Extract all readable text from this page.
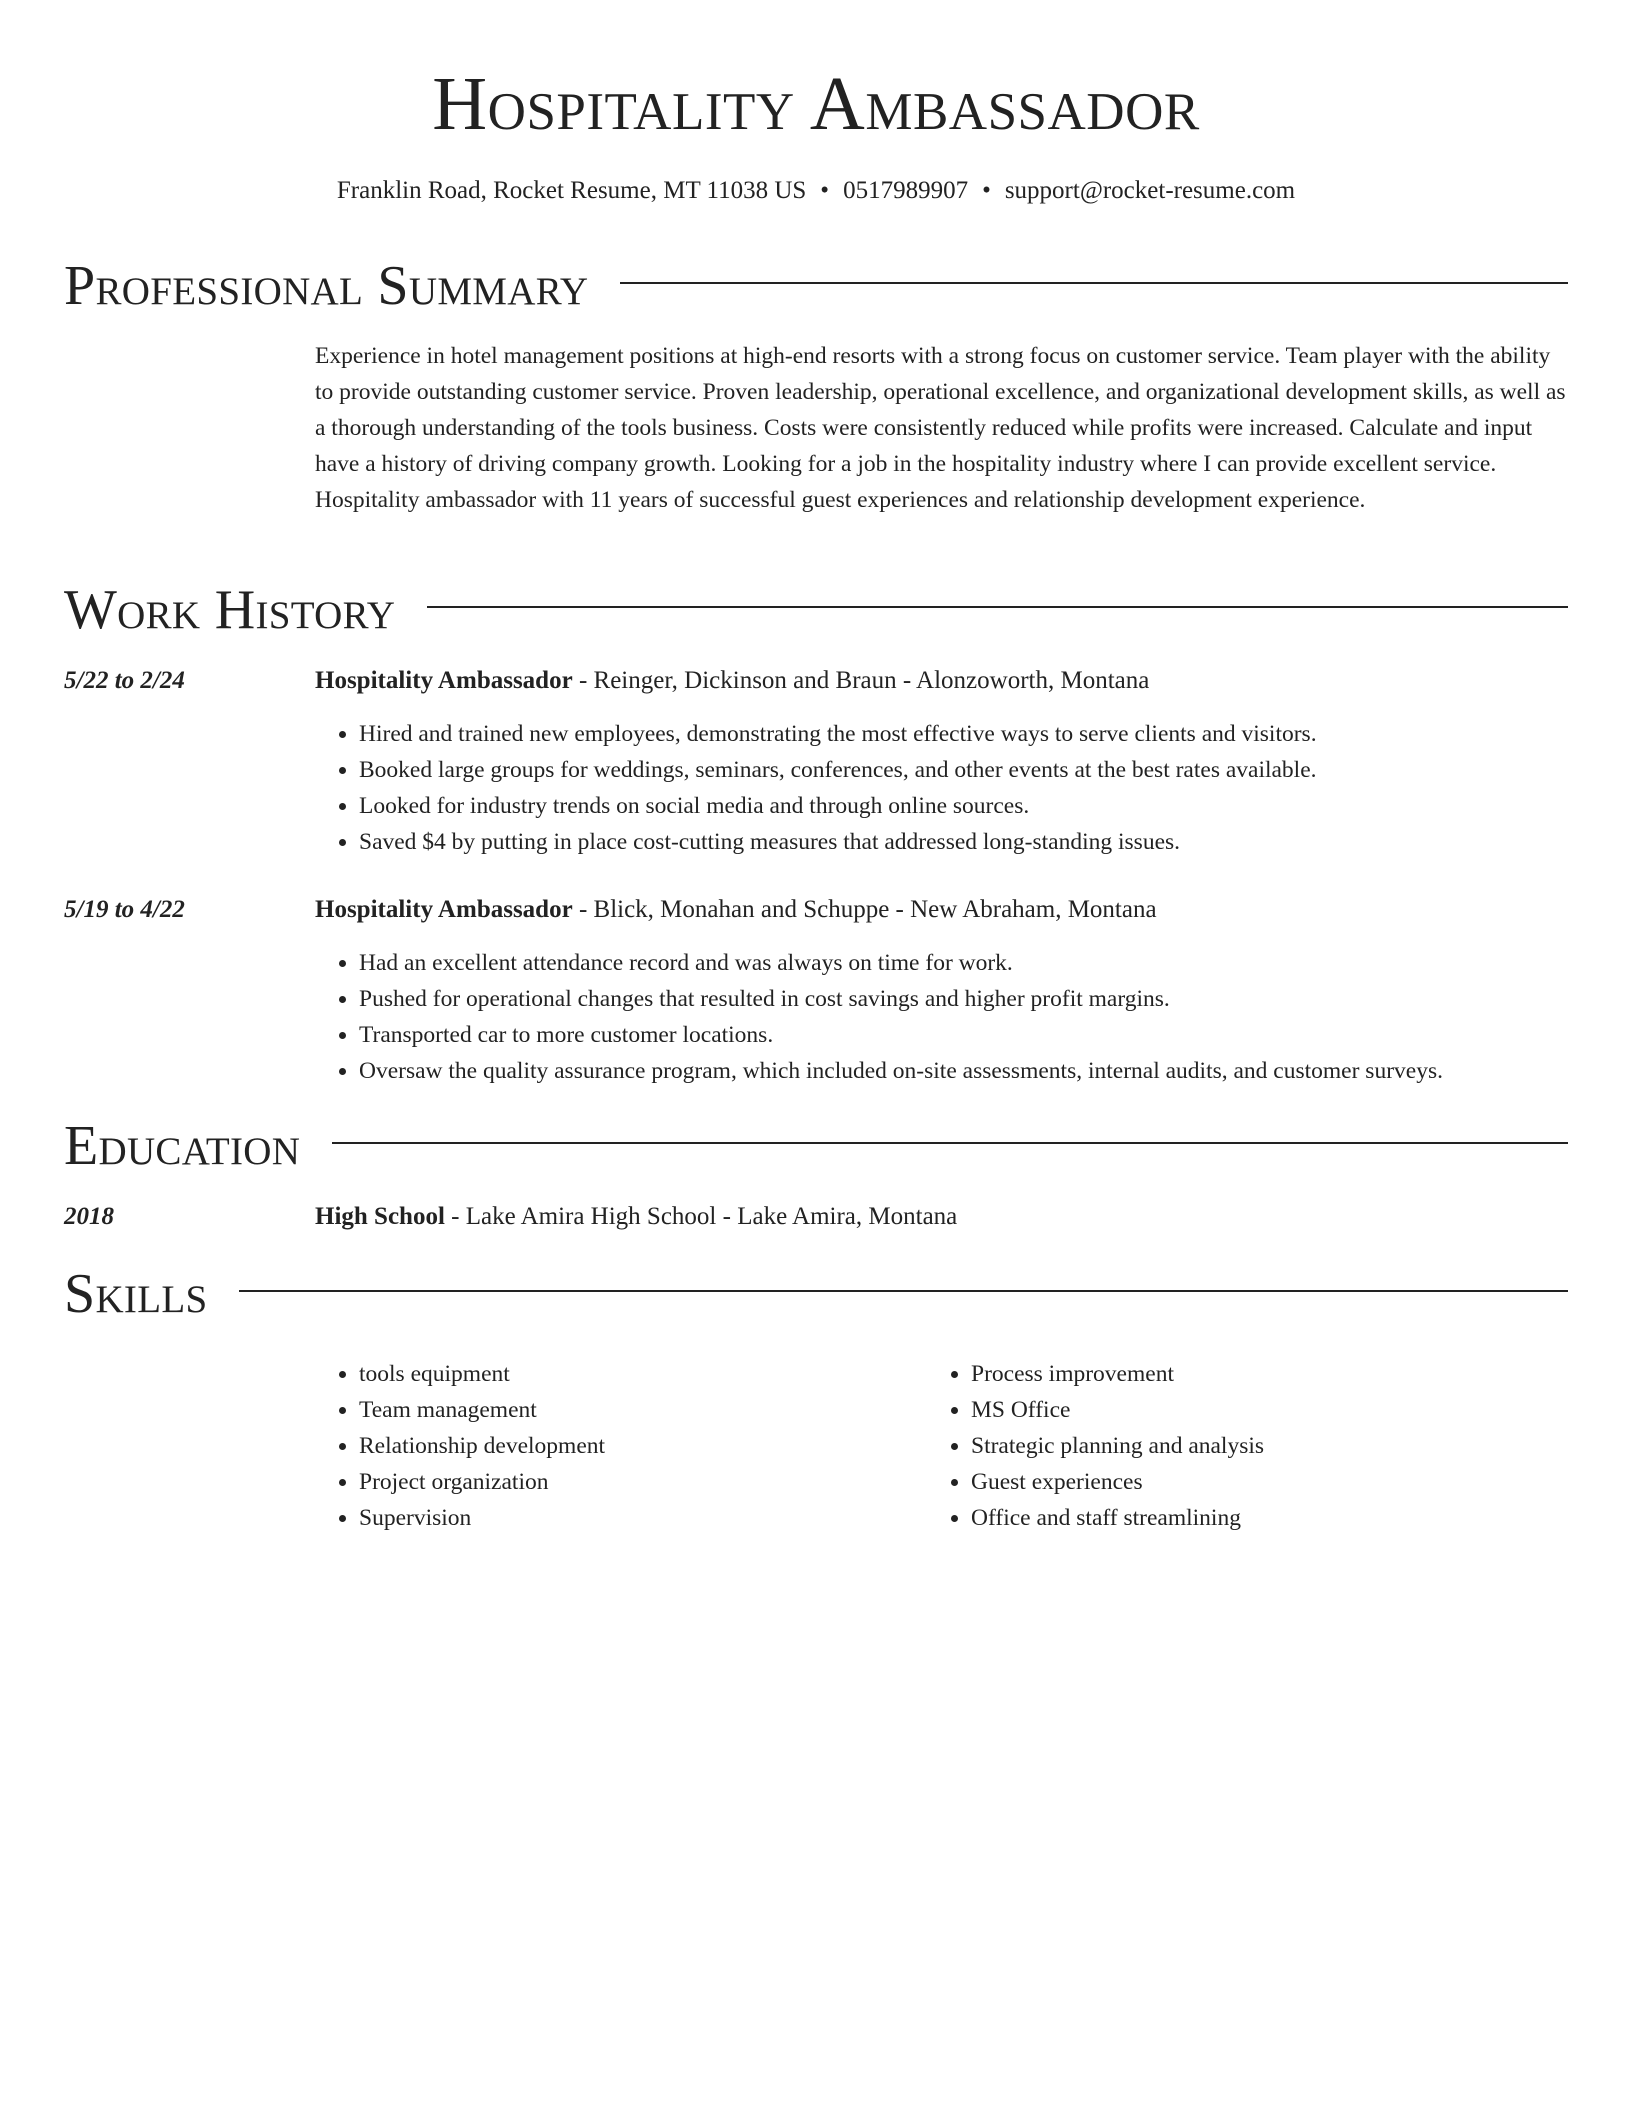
Hospitality Ambassador
Franklin Road, Rocket Resume, MT 11038 US • 0517989907 • support@rocket-resume.com
Professional Summary

Experience in hotel management positions at high-end resorts with a strong focus on customer service. Team player with the ability to provide outstanding customer service. Proven leadership, operational excellence, and organizational development skills, as well as a thorough understanding of the tools business. Costs were consistently reduced while profits were increased. Calculate and input have a history of driving company growth. Looking for a job in the hospitality industry where I can provide excellent service. Hospitality ambassador with 11 years of successful guest experiences and relationship development experience.

Work History
5/22 to 2/24	Hospitality Ambassador - Reinger, Dickinson and Braun - Alonzoworth, Montana
• Hired and trained new employees, demonstrating the most effective ways to serve clients and visitors.
• Booked large groups for weddings, seminars, conferences, and other events at the best rates available.
• Looked for industry trends on social media and through online sources.
• Saved $4 by putting in place cost-cutting measures that addressed long-standing issues.
5/19 to 4/22	Hospitality Ambassador - Blick, Monahan and Schuppe - New Abraham, Montana
• Had an excellent attendance record and was always on time for work.
• Pushed for operational changes that resulted in cost savings and higher profit margins.
• Transported car to more customer locations.
• Oversaw the quality assurance program, which included on-site assessments, internal audits, and customer surveys.
Education
2018	High School - Lake Amira High School - Lake Amira, Montana
Skills
• tools equipment
• Team management
• Relationship development
• Project organization
• Supervision
• Process improvement
• MS Office
• Strategic planning and analysis
• Guest experiences
• Office and staff streamlining
